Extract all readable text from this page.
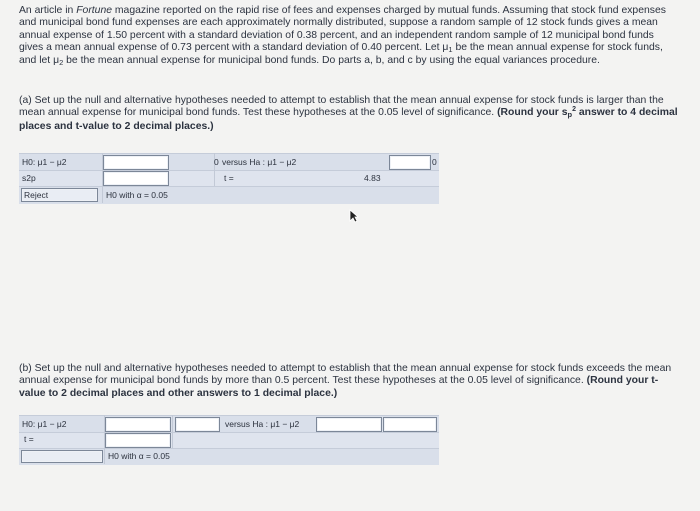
An article in Fortune magazine reported on the rapid rise of fees and expenses charged by mutual funds. Assuming that stock fund expenses and municipal bond fund expenses are each approximately normally distributed, suppose a random sample of 12 stock funds gives a mean annual expense of 1.50 percent with a standard deviation of 0.38 percent, and an independent random sample of 12 municipal bond funds gives a mean annual expense of 0.73 percent with a standard deviation of 0.40 percent. Let μ1 be the mean annual expense for stock funds, and let μ2 be the mean annual expense for municipal bond funds. Do parts a, b, and c by using the equal variances procedure.
(a) Set up the null and alternative hypotheses needed to attempt to establish that the mean annual expense for stock funds is larger than the mean annual expense for municipal bond funds. Test these hypotheses at the 0.05 level of significance. (Round your $sp^2$ answer to 4 decimal places and t-value to 2 decimal places.)
H0: μ1 − μ2	0 versus Ha : μ1 − μ2	0
s2p	t =	4.83
Reject	H0 with α = 0.05
(b) Set up the null and alternative hypotheses needed to attempt to establish that the mean annual expense for stock funds exceeds the mean annual expense for municipal bond funds by more than 0.5 percent. Test these hypotheses at the 0.05 level of significance. (Round your t-value to 2 decimal places and other answers to 1 decimal place.)
H0: μ1 − μ2	versus Ha : μ1 − μ2
t =
H0 with α = 0.05
